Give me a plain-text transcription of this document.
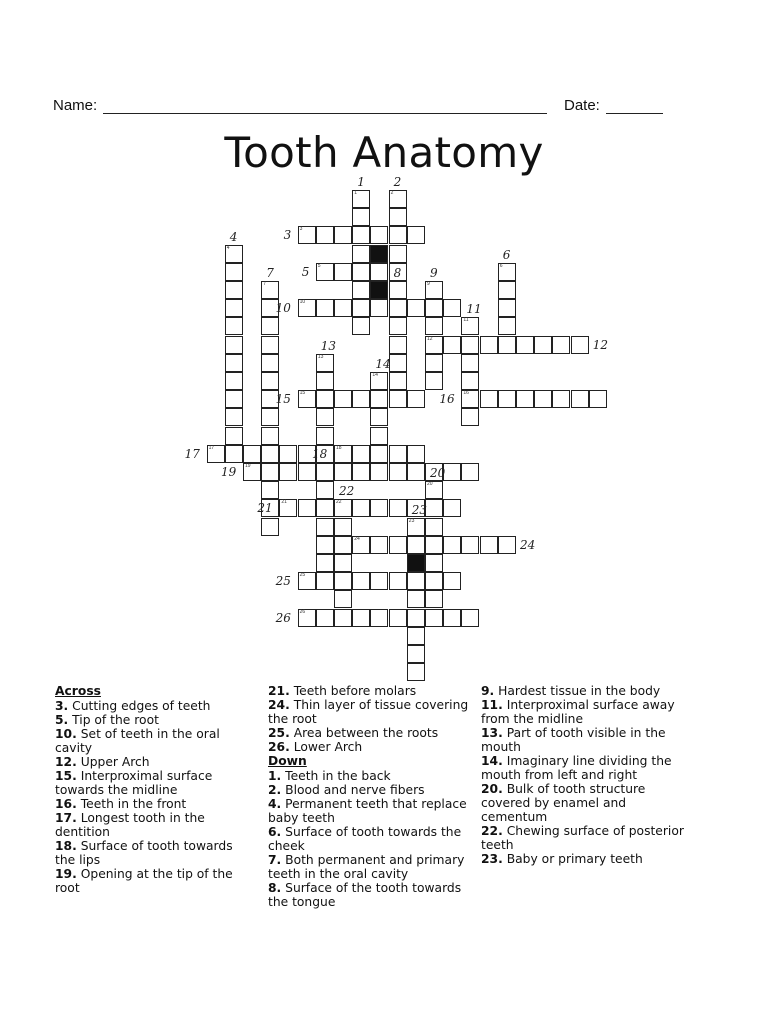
Name:	Date:
Tooth Anatomy
1	2
3
4
5	6
7	9
12
10
11
16
13
14
15
17	18
19
20
21	22
23
24
25
26
1 2
3
4
5
6
7	8 9
10	11
12
13
14
15	16
17	18
19	20
21
22
23
24
25
26
Across
3. Cutting edges of teeth
5. Tip of the root
10. Set of teeth in the oral cavity
12. Upper Arch
15. Interproximal surface towards the midline
16. Teeth in the front
17. Longest tooth in the dentition
18. Surface of tooth towards the lips
19. Opening at the tip of the root
21. Teeth before molars
24. Thin layer of tissue covering the root
25. Area between the roots
26. Lower Arch
Down
1. Teeth in the back
2. Blood and nerve fibers
4. Permanent teeth that replace baby teeth
6. Surface of tooth towards the cheek
7. Both permanent and primary teeth in the oral cavity
8. Surface of the tooth towards the tongue
9. Hardest tissue in the body
11. Interproximal surface away from the midline
13. Part of tooth visible in the mouth
14. Imaginary line dividing the mouth from left and right
20. Bulk of tooth structure covered by enamel and cementum
22. Chewing surface of posterior teeth
23. Baby or primary teeth
